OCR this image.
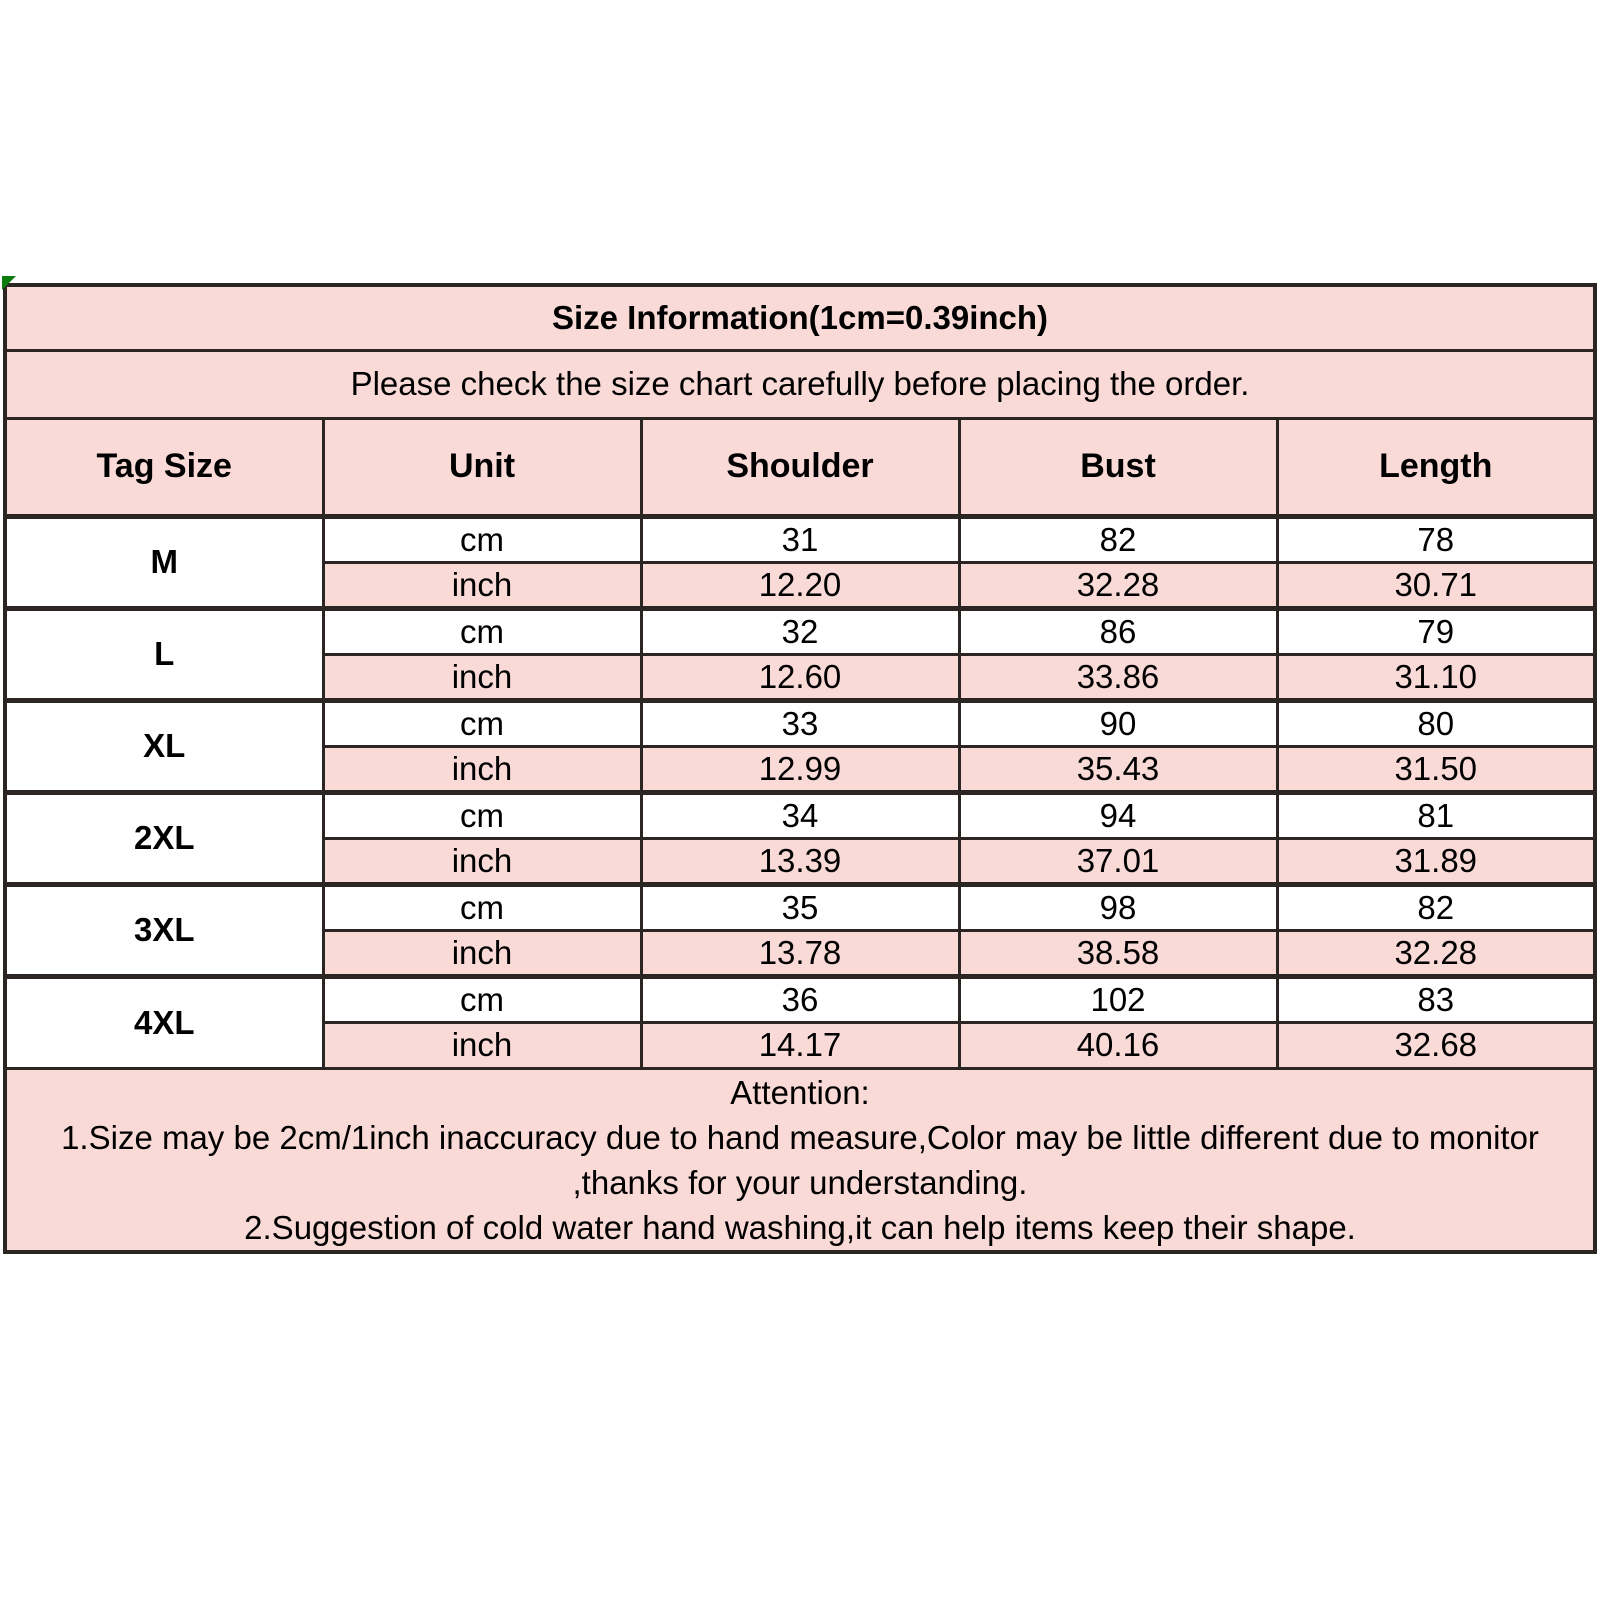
Size Information(1cm=0.39inch)				
Please check the size chart carefully before placing the order.				
Tag Size	Unit	Shoulder	Bust	Length
M	cm	31	82	78
	inch	12.20	32.28	30.71
L	cm	32	86	79
	inch	12.60	33.86	31.10
XL	cm	33	90	80
	inch	12.99	35.43	31.50
2XL	cm	34	94	81
	inch	13.39	37.01	31.89
3XL	cm	35	98	82
	inch	13.78	38.58	32.28
4XL	cm	36	102	83
	inch	14.17	40.16	32.68

Attention:
1.Size may be 2cm/1inch inaccuracy due to hand measure,Color may be little different due to monitor
,thanks for your understanding.
2.Suggestion of cold water hand washing,it can help items keep their shape.				
